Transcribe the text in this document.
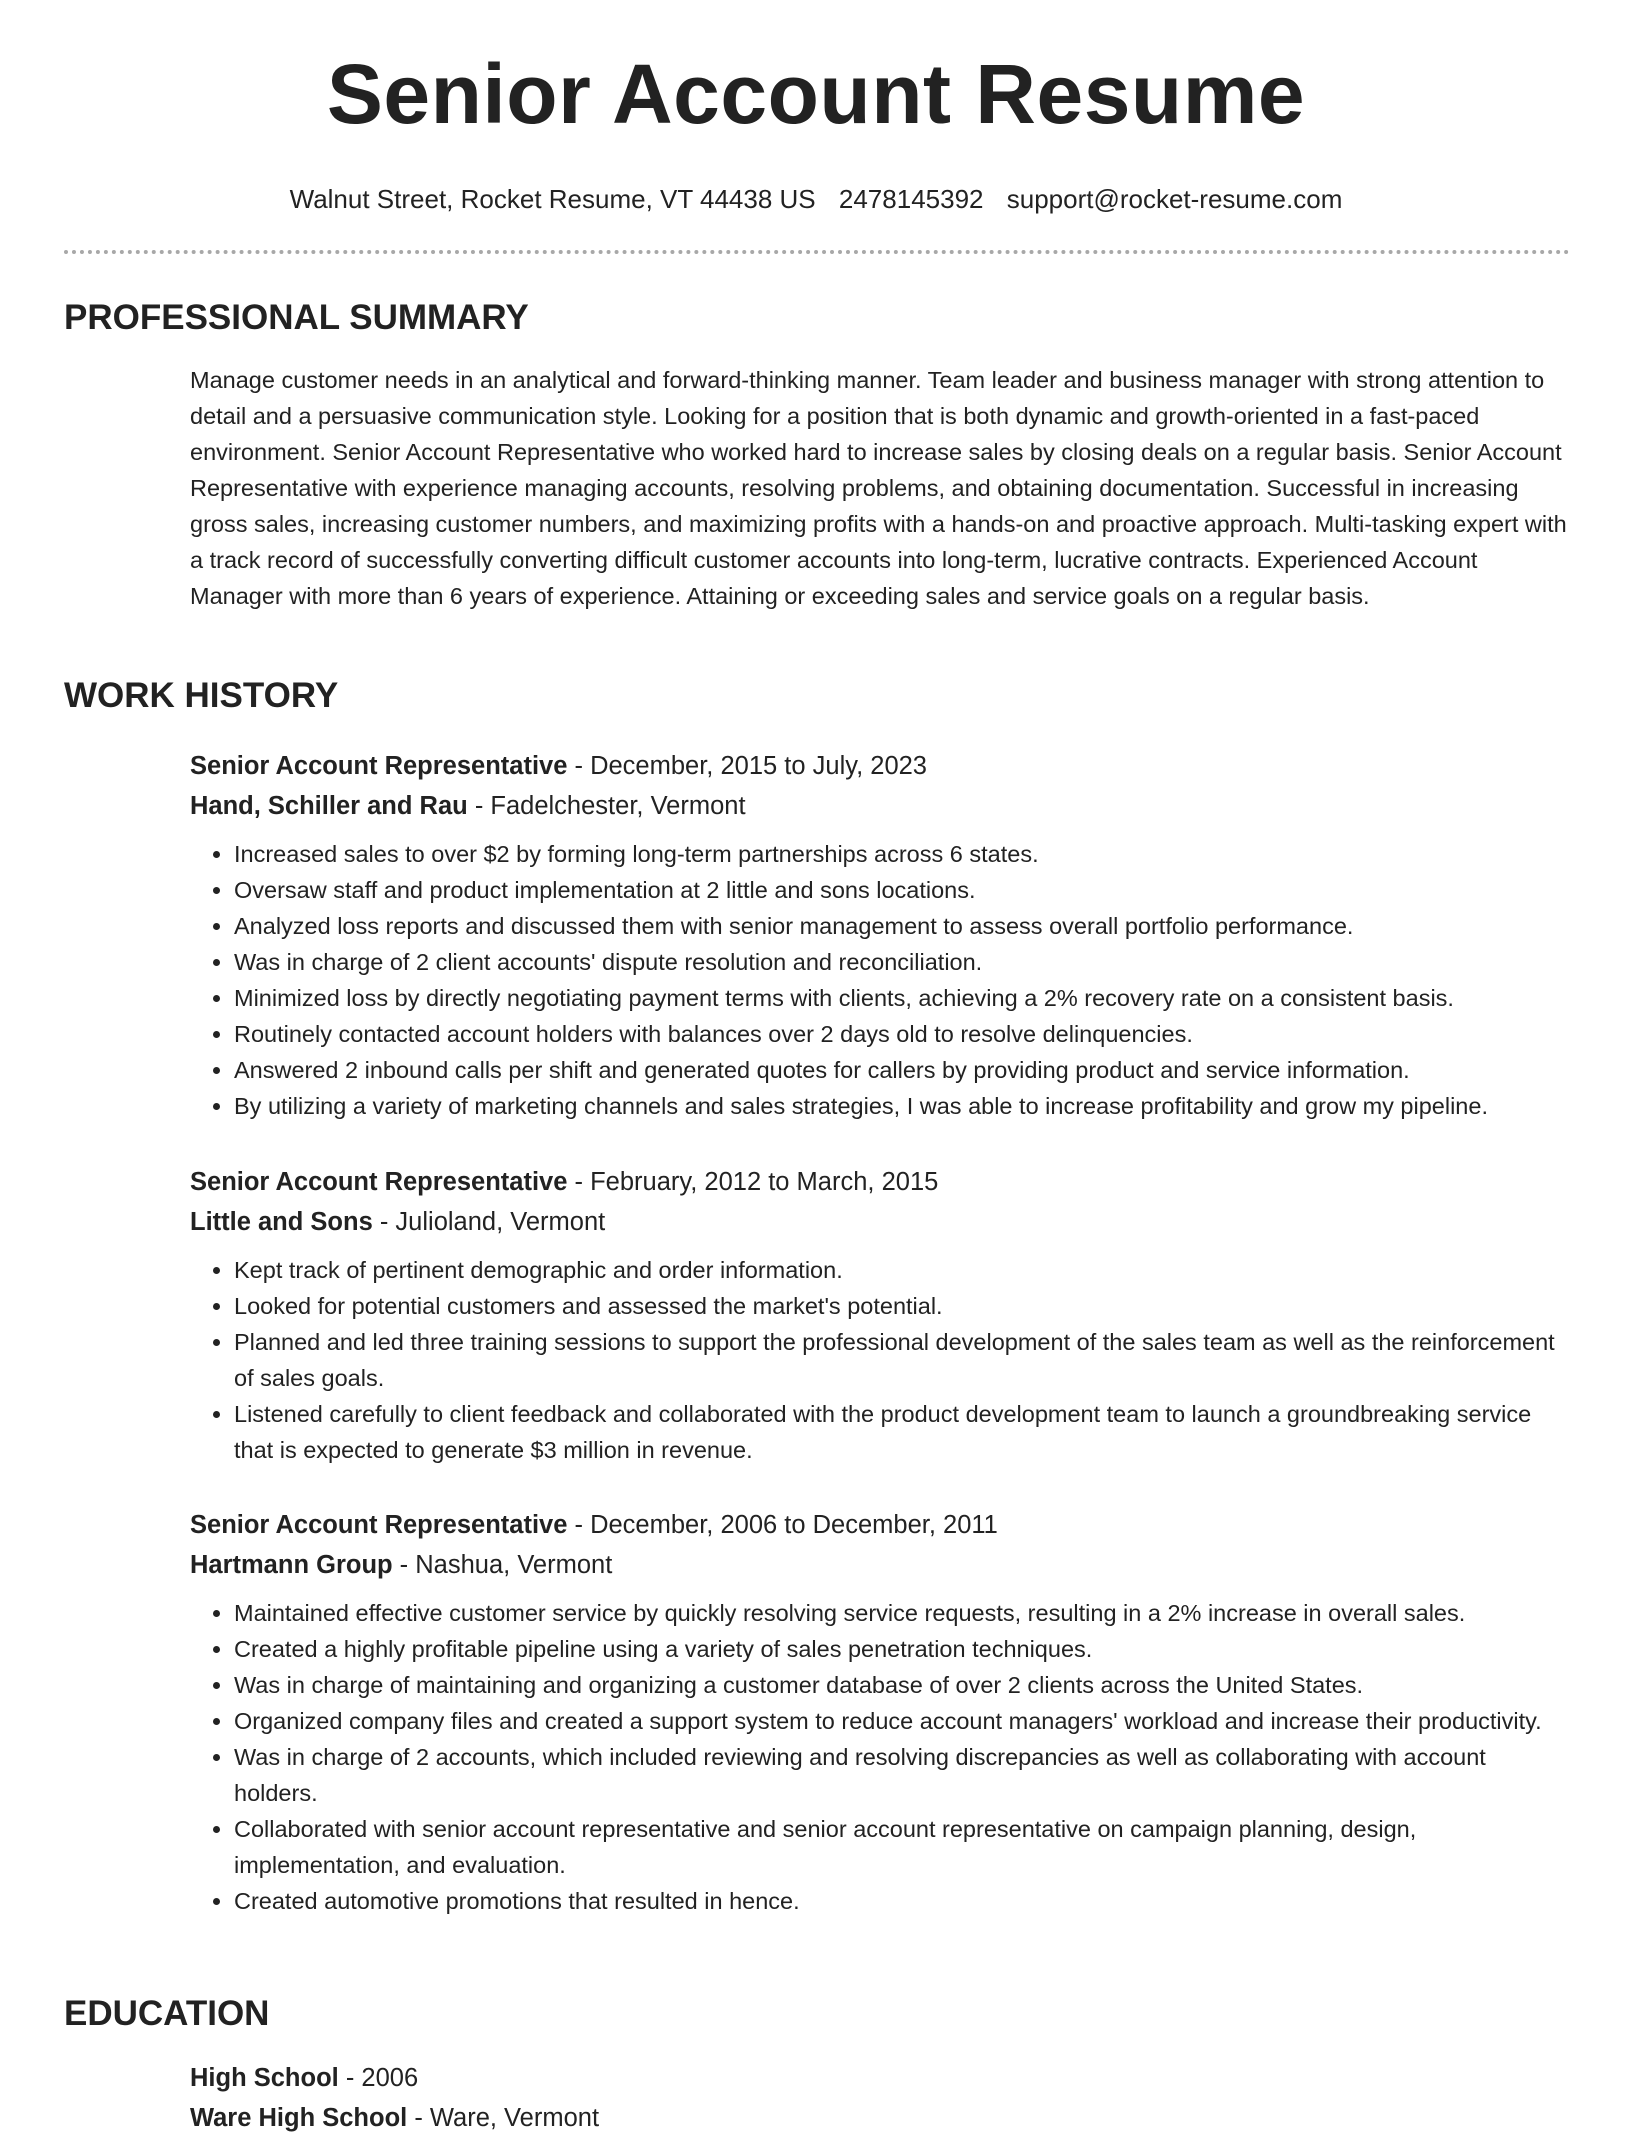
Senior Account Resume
Walnut Street, Rocket Resume, VT 44438 US 2478145392 support@rocket-resume.com
PROFESSIONAL SUMMARY

Manage customer needs in an analytical and forward-thinking manner. Team leader and business manager with strong attention to detail and a persuasive communication style. Looking for a position that is both dynamic and growth-oriented in a fast-paced environment. Senior Account Representative who worked hard to increase sales by closing deals on a regular basis. Senior Account Representative with experience managing accounts, resolving problems, and obtaining documentation. Successful in increasing gross sales, increasing customer numbers, and maximizing profits with a hands-on and proactive approach. Multi-tasking expert with a track record of successfully converting difficult customer accounts into long-term, lucrative contracts. Experienced Account Manager with more than 6 years of experience. Attaining or exceeding sales and service goals on a regular basis.

WORK HISTORY

Senior Account Representative - December, 2015 to July, 2023

Hand, Schiller and Rau - Fadelchester, Vermont

• Increased sales to over $2 by forming long-term partnerships across 6 states.
• Oversaw staff and product implementation at 2 little and sons locations.
• Analyzed loss reports and discussed them with senior management to assess overall portfolio performance.
• Was in charge of 2 client accounts' dispute resolution and reconciliation.
• Minimized loss by directly negotiating payment terms with clients, achieving a 2% recovery rate on a consistent basis.
• Routinely contacted account holders with balances over 2 days old to resolve delinquencies.
• Answered 2 inbound calls per shift and generated quotes for callers by providing product and service information.
• By utilizing a variety of marketing channels and sales strategies, I was able to increase profitability and grow my pipeline.

Senior Account Representative - February, 2012 to March, 2015

Little and Sons - Julioland, Vermont

• Kept track of pertinent demographic and order information.
• Looked for potential customers and assessed the market's potential.
• Planned and led three training sessions to support the professional development of the sales team as well as the reinforcement of sales goals.
• Listened carefully to client feedback and collaborated with the product development team to launch a groundbreaking service that is expected to generate $3 million in revenue.

Senior Account Representative - December, 2006 to December, 2011

Hartmann Group - Nashua, Vermont

• Maintained effective customer service by quickly resolving service requests, resulting in a 2% increase in overall sales.
• Created a highly profitable pipeline using a variety of sales penetration techniques.
• Was in charge of maintaining and organizing a customer database of over 2 clients across the United States.
• Organized company files and created a support system to reduce account managers' workload and increase their productivity.
• Was in charge of 2 accounts, which included reviewing and resolving discrepancies as well as collaborating with account holders.
• Collaborated with senior account representative and senior account representative on campaign planning, design, implementation, and evaluation.
• Created automotive promotions that resulted in hence.
EDUCATION

High School - 2006

Ware High School - Ware, Vermont
